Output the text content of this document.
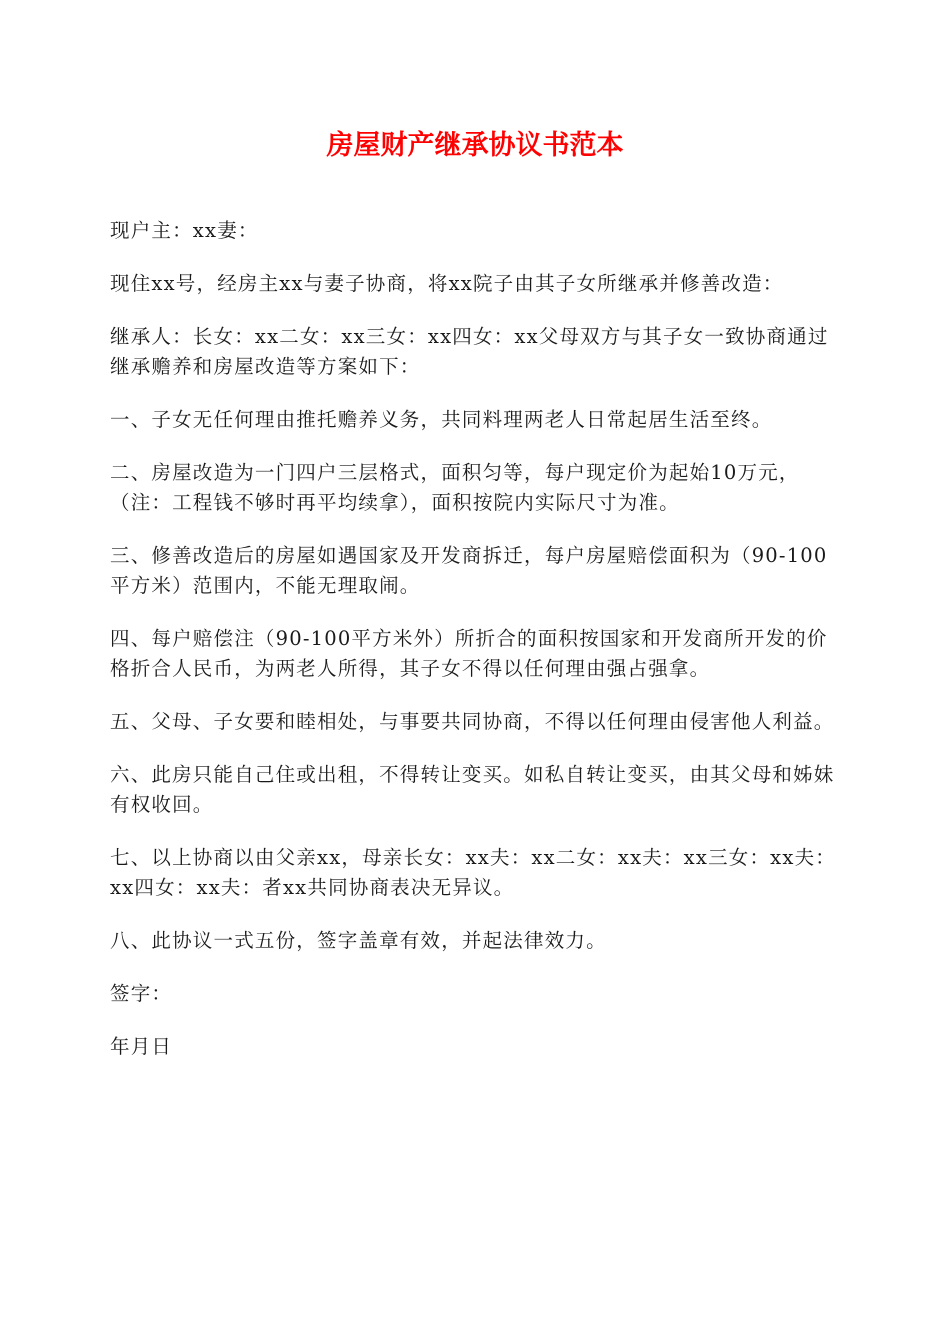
房屋财产继承协议书范本

现户主：xx妻：

现住xx号，经房主xx与妻子协商，将xx院子由其子女所继承并修善改造：

继承人：长女：xx二女：xx三女：xx四女：xx父母双方与其子女一致协商通过继承赡养和房屋改造等方案如下：

一、子女无任何理由推托赡养义务，共同料理两老人日常起居生活至终。

二、房屋改造为一门四户三层格式，面积匀等，每户现定价为起始10万元，（注：工程钱不够时再平均续拿），面积按院内实际尺寸为准。

三、修善改造后的房屋如遇国家及开发商拆迁，每户房屋赔偿面积为（90-100平方米）范围内，不能无理取闹。

四、每户赔偿注（90-100平方米外）所折合的面积按国家和开发商所开发的价格折合人民币，为两老人所得，其子女不得以任何理由强占强拿。

五、父母、子女要和睦相处，与事要共同协商，不得以任何理由侵害他人利益。

六、此房只能自己住或出租，不得转让变买。如私自转让变买，由其父母和姊妹有权收回。

七、以上协商以由父亲xx，母亲长女：xx夫：xx二女：xx夫：xx三女：xx夫：xx四女：xx夫：者xx共同协商表决无异议。

八、此协议一式五份，签字盖章有效，并起法律效力。

签字：

年月日
